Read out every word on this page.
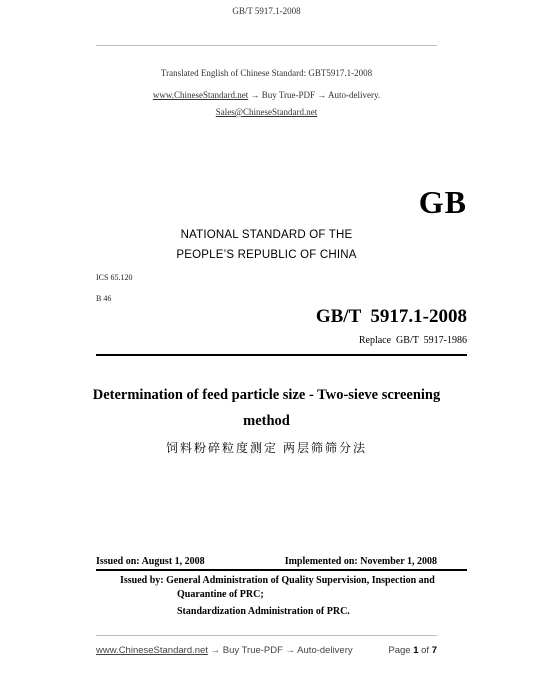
GB/T 5917.1-2008
Translated English of Chinese Standard: GBT5917.1-2008
www.ChineseStandard.net → Buy True-PDF → Auto-delivery.
Sales@ChineseStandard.net
GB
NATIONAL STANDARD OF THE
PEOPLE’S REPUBLIC OF CHINA
ICS 65.120
B 46
GB/T  5917.1-2008
Replace  GB/T  5917-1986
Determination of feed particle size - Two-sieve screening
method
饲料粉碎粒度测定 两层筛筛分法
Issued on: August 1, 2008	Implemented on: November 1, 2008
Issued by: General Administration of Quality Supervision, Inspection and
Quarantine of PRC;
Standardization Administration of PRC.
www.ChineseStandard.net → Buy True-PDF → Auto-delivery	Page 1 of 7
